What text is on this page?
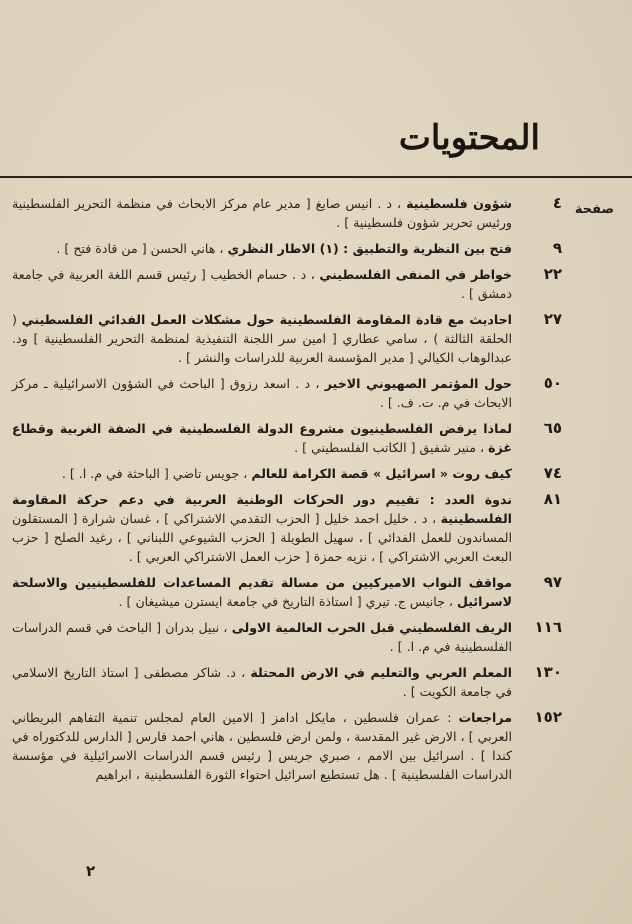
المحتويات
صفحة
٤
شؤون فلسطينية ، د . انيس صايغ [ مدير عام مركز الابحاث في منظمة التحرير الفلسطينية ورئيس تحرير شؤون فلسطينية ] .
٩
فتح بين النظرية والتطبيق : (١) الاطار النظري ، هاني الحسن [ من قادة فتح ] .
٢٢
خواطر في المنفى الفلسطيني ، د . حسام الخطيب [ رئيس قسم اللغة العربية في جامعة دمشق ] .
٢٧
احاديث مع قادة المقاومة الفلسطينية حول مشكلات العمل الفدائي الفلسطيني ( الحلقة الثالثة ) ، سامي عطاري [ امين سر اللجنة التنفيذية لمنظمة التحرير الفلسطينية ] ود. عبدالوهاب الكيالي [ مدير المؤسسة العربية للدراسات والنشر ] .
٥٠
حول المؤتمر الصهيوني الاخير ، د . اسعد رزوق [ الباحث في الشؤون الاسرائيلية ـ مركز الابحاث في م. ت. ف. ] .
٦٥
لماذا يرفض الفلسطينيون مشروع الدولة الفلسطينية في الضفة الغربية وقطاع غزة ، منير شفيق [ الكاتب الفلسطيني ] .
٧٤
كيف روت « اسرائيل » قصة الكرامة للعالم ، جويس تاضي [ الباحثة في م. ا. ] .
٨١
ندوة العدد : تقييم دور الحركات الوطنية العربية في دعم حركة المقاومة الفلسطينية ، د . خليل احمد خليل [ الحزب التقدمي الاشتراكي ] ، غسان شرارة [ المستقلون المساندون للعمل الفدائي ] ، سهيل الطويلة [ الحزب الشيوعي اللبناني ] ، رغيد الصلح [ حزب البعث العربي الاشتراكي ] ، نزيه حمزة [ حزب العمل الاشتراكي العربي ] .
٩٧
مواقف النواب الاميركيين من مسالة تقديم المساعدات للفلسطينيين والاسلحة لاسرائيل ، جانيس ج. تيري [ استاذة التاريخ في جامعة ايسترن ميشيغان ] .
١١٦
الريف الفلسطيني قبل الحرب العالمية الاولى ، نبيل بدران [ الباحث في قسم الدراسات الفلسطينية في م. ا. ] .
١٣٠
المعلم العربي والتعليم في الارض المحتلة ، د. شاكر مصطفى [ استاذ التاريخ الاسلامي في جامعة الكويت ] .
١٥٢
مراجعات : عمران فلسطين ، مايكل ادامز [ الامين العام لمجلس تنمية التفاهم البريطاني العربي ] ، الارض غير المقدسة ، ولمن ارض فلسطين ، هاني احمد فارس [ الدارس للدكتوراه في كندا ] . اسرائيل بين الامم ، صبري جريس [ رئيس قسم الدراسات الاسرائيلية في مؤسسة الدراسات الفلسطينية ] . هل تستطيع اسرائيل احتواء الثورة الفلسطينية ، ابراهيم
٢
